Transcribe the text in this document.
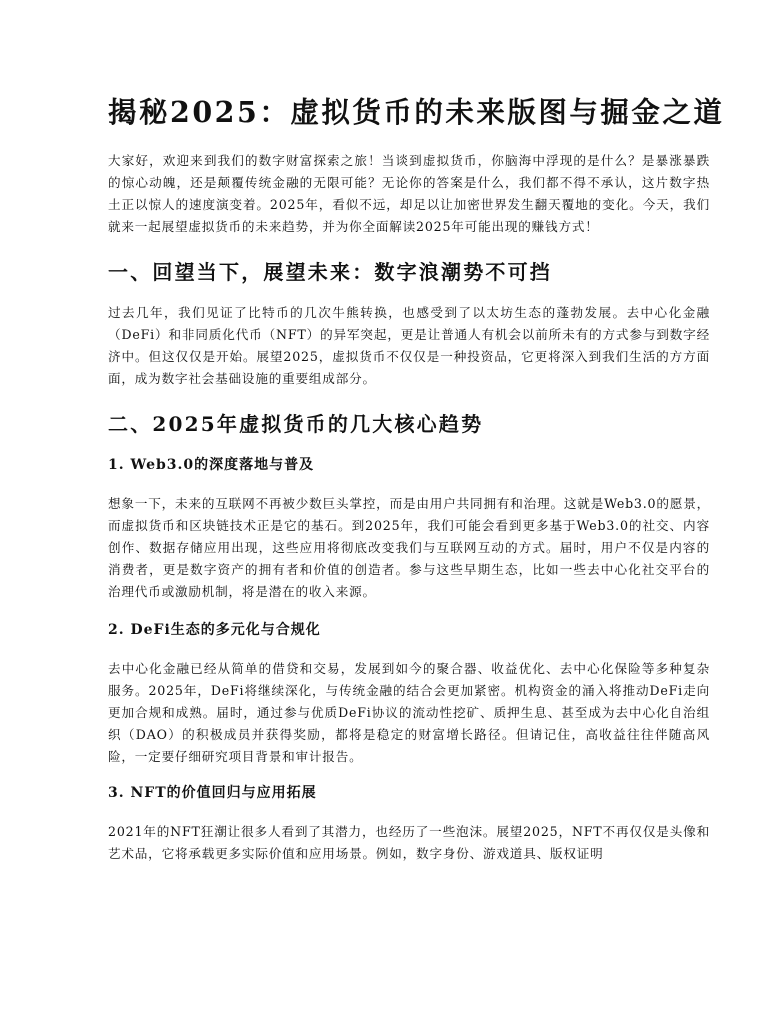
揭秘2025：虚拟货币的未来版图与掘金之道

大家好，欢迎来到我们的数字财富探索之旅！当谈到虚拟货币，你脑海中浮现的是什么？是暴涨暴跌的惊心动魄，还是颠覆传统金融的无限可能？无论你的答案是什么，我们都不得不承认，这片数字热土正以惊人的速度演变着。2025年，看似不远，却足以让加密世界发生翻天覆地的变化。今天，我们就来一起展望虚拟货币的未来趋势，并为你全面解读2025年可能出现的赚钱方式！

一、回望当下，展望未来：数字浪潮势不可挡

过去几年，我们见证了比特币的几次牛熊转换，也感受到了以太坊生态的蓬勃发展。去中心化金融（DeFi）和非同质化代币（NFT）的异军突起，更是让普通人有机会以前所未有的方式参与到数字经济中。但这仅仅是开始。展望2025，虚拟货币不仅仅是一种投资品，它更将深入到我们生活的方方面面，成为数字社会基础设施的重要组成部分。

二、2025年虚拟货币的几大核心趋势
1. Web3.0的深度落地与普及

想象一下，未来的互联网不再被少数巨头掌控，而是由用户共同拥有和治理。这就是Web3.0的愿景，而虚拟货币和区块链技术正是它的基石。到2025年，我们可能会看到更多基于Web3.0的社交、内容创作、数据存储应用出现，这些应用将彻底改变我们与互联网互动的方式。届时，用户不仅是内容的消费者，更是数字资产的拥有者和价值的创造者。参与这些早期生态，比如一些去中心化社交平台的治理代币或激励机制，将是潜在的收入来源。

2. DeFi生态的多元化与合规化

去中心化金融已经从简单的借贷和交易，发展到如今的聚合器、收益优化、去中心化保险等多种复杂服务。2025年，DeFi将继续深化，与传统金融的结合会更加紧密。机构资金的涌入将推动DeFi走向更加合规和成熟。届时，通过参与优质DeFi协议的流动性挖矿、质押生息、甚至成为去中心化自治组织（DAO）的积极成员并获得奖励，都将是稳定的财富增长路径。但请记住，高收益往往伴随高风险，一定要仔细研究项目背景和审计报告。

3. NFT的价值回归与应用拓展

2021年的NFT狂潮让很多人看到了其潜力，也经历了一些泡沫。展望2025，NFT不再仅仅是头像和艺术品，它将承载更多实际价值和应用场景。例如，数字身份、游戏道具、版权证明
